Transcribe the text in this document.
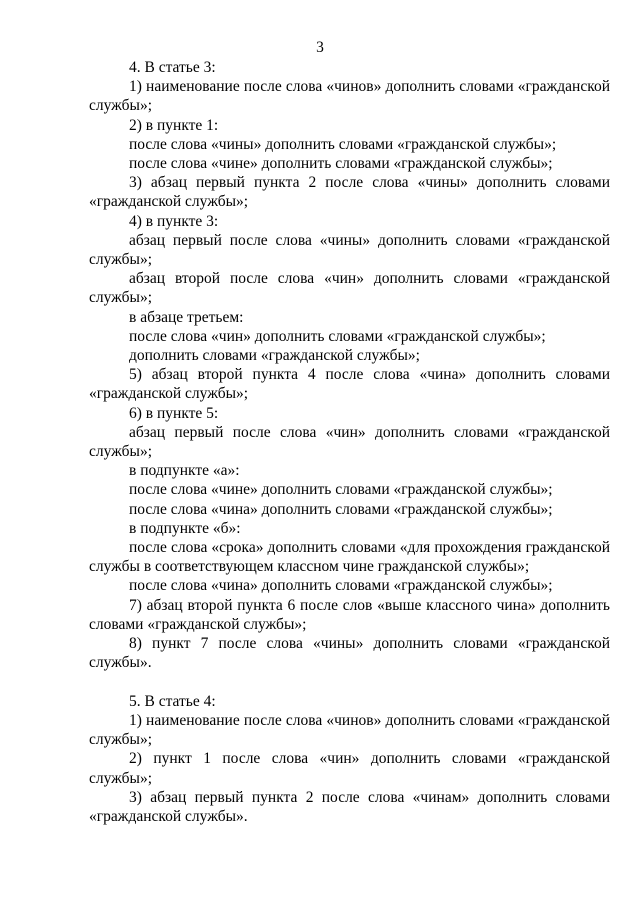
3

4. В статье 3:

1) наименование после слова «чинов» дополнить словами «гражданской службы»;

2) в пункте 1:

после слова «чины» дополнить словами «гражданской службы»;

после слова «чине» дополнить словами «гражданской службы»;

3) абзац первый пункта 2 после слова «чины» дополнить словами «гражданской службы»;

4) в пункте 3:

абзац первый после слова «чины» дополнить словами «гражданской службы»;

абзац второй после слова «чин» дополнить словами «гражданской службы»;

в абзаце третьем:

после слова «чин» дополнить словами «гражданской службы»;

дополнить словами «гражданской службы»;

5) абзац второй пункта 4 после слова «чина» дополнить словами «гражданской службы»;

6) в пункте 5:

абзац первый после слова «чин» дополнить словами «гражданской службы»;

в подпункте «а»:

после слова «чине» дополнить словами «гражданской службы»;

после слова «чина» дополнить словами «гражданской службы»;

в подпункте «б»:

после слова «срока» дополнить словами «для прохождения гражданской службы в соответствующем классном чине гражданской службы»;

после слова «чина» дополнить словами «гражданской службы»;

7) абзац второй пункта 6 после слов «выше классного чина» дополнить словами «гражданской службы»;

8) пункт 7 после слова «чины» дополнить словами «гражданской службы».

5. В статье 4:

1) наименование после слова «чинов» дополнить словами «гражданской службы»;

2) пункт 1 после слова «чин» дополнить словами «гражданской службы»;

3) абзац первый пункта 2 после слова «чинам» дополнить словами «гражданской службы».
